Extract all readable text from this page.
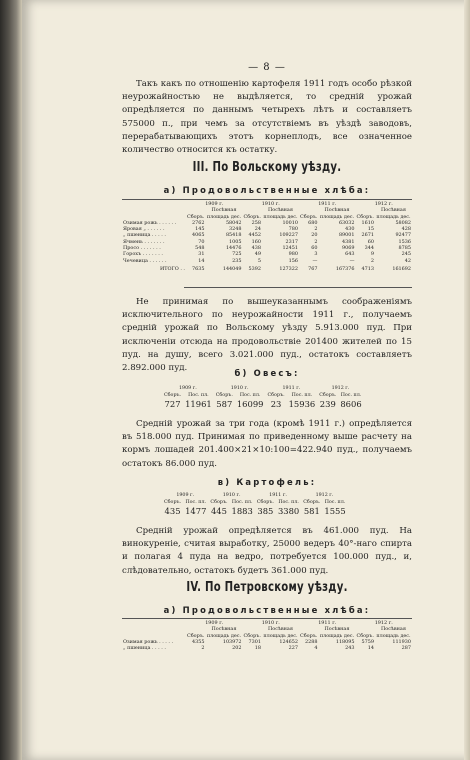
— 8 —

Такъ какъ по отношенію картофеля 1911 годъ особо рѣзкой неурожайностью не выдѣляется, то средній урожай опредѣляется по даннымъ четырехъ лѣтъ и составляетъ 575000 п., при чемъ за отсутствіемъ въ уѣздѣ заводовъ, перерабатывающихъ этотъ корнеплодъ, все означенное количество относится къ остатку.

III. По Вольскому уѣзду.
а) Продовольственные хлѣба:
	1909 г.		1910 г.		1911 г.		1912 г.	
	Сборъ.	Посѣвная площадь дес.	Сборъ.	Посѣвная площадь дес.	Сборъ.	Посѣвная площадь дес.	Сборъ.	Посѣвная площадь дес.
Озимая рожь . . . . . .	2762	58042	258	10010	680	63032	1610	58082
Яровая „ . . . . . .	145	3248	24	780	2	430	15	428
„ пшеница . . . . .	4065	85418	4452	109227	20	89001	2671	92477
Ячмень . . . . . . .	70	1005	160	2317	2	4381	60	1536
Просо . . . . . . .	548	14476	438	12451	60	9069	344	8785
Горохъ . . . . . . .	31	725	49	980	3	643	9	245
Чечевица . . . . . .	14	235	5	156	—	—	2	42
ИТОГО . .	7635	144049	5392	127322	767	167376	4713	161692

Не принимая по вышеуказаннымъ соображеніямъ исключительного по неурожайности 1911 г., получаемъ средній урожай по Вольскому уѣзду 5.913.000 пуд. При исключеніи отсюда на продовольствіе 201400 жителей по 15 пуд. на душу, всего 3.021.000 пуд., остатокъ составляетъ 2.892.000 пуд.	б) Овесъ:
1909 г.		1910 г.		1911 г.		1912 г.	
Сборъ.	Пос. пл.	Сборъ.	Пос. пл.	Сборъ.	Пос. пл.	Сборъ.	Пос. пл.
727	11961	587	16099	23	15936	239	8606

Средній урожай за три года (кромѣ 1911 г.) опредѣляется въ 518.000 пуд. Принимая по приведенному выше расчету на кормъ лошадей 201.400×21×10:100=422.940 пуд., получаемъ остатокъ 86.000 пуд.

в) Картофель:
1909 г.		1910 г.		1911 г.		1912 г.	
Сборъ.	Пос. пл.	Сборъ.	Пос. пл.	Сборъ.	Пос. пл.	Сборъ.	Пос. пл.
435	1477	445	1883	385	3380	581	1555

Средній урожай опредѣляется въ 461.000 пуд. На винокуреніе, считая выработку, 25000 ведеръ 40°-наго спирта и полагая 4 пуда на ведро, потребуется 100.000 пуд., и, слѣдовательно, остатокъ будетъ 361.000 пуд.

IV. По Петровскому уѣзду.
а) Продовольственные хлѣба:
	1909 г.		1910 г.		1911 г.		1912 г.	
	Сборъ.	Посѣвная площадь дес.	Сборъ.	Посѣвная площадь дес.	Сборъ.	Посѣвная площадь дес.	Сборъ.	Посѣвная площадь дес.
Озимая рожь . . . . .	4355	103972	7301	124652	2288	118095	5759	111930
„ пшеница . . . . .	2	202	18	227	4	243	14	287
